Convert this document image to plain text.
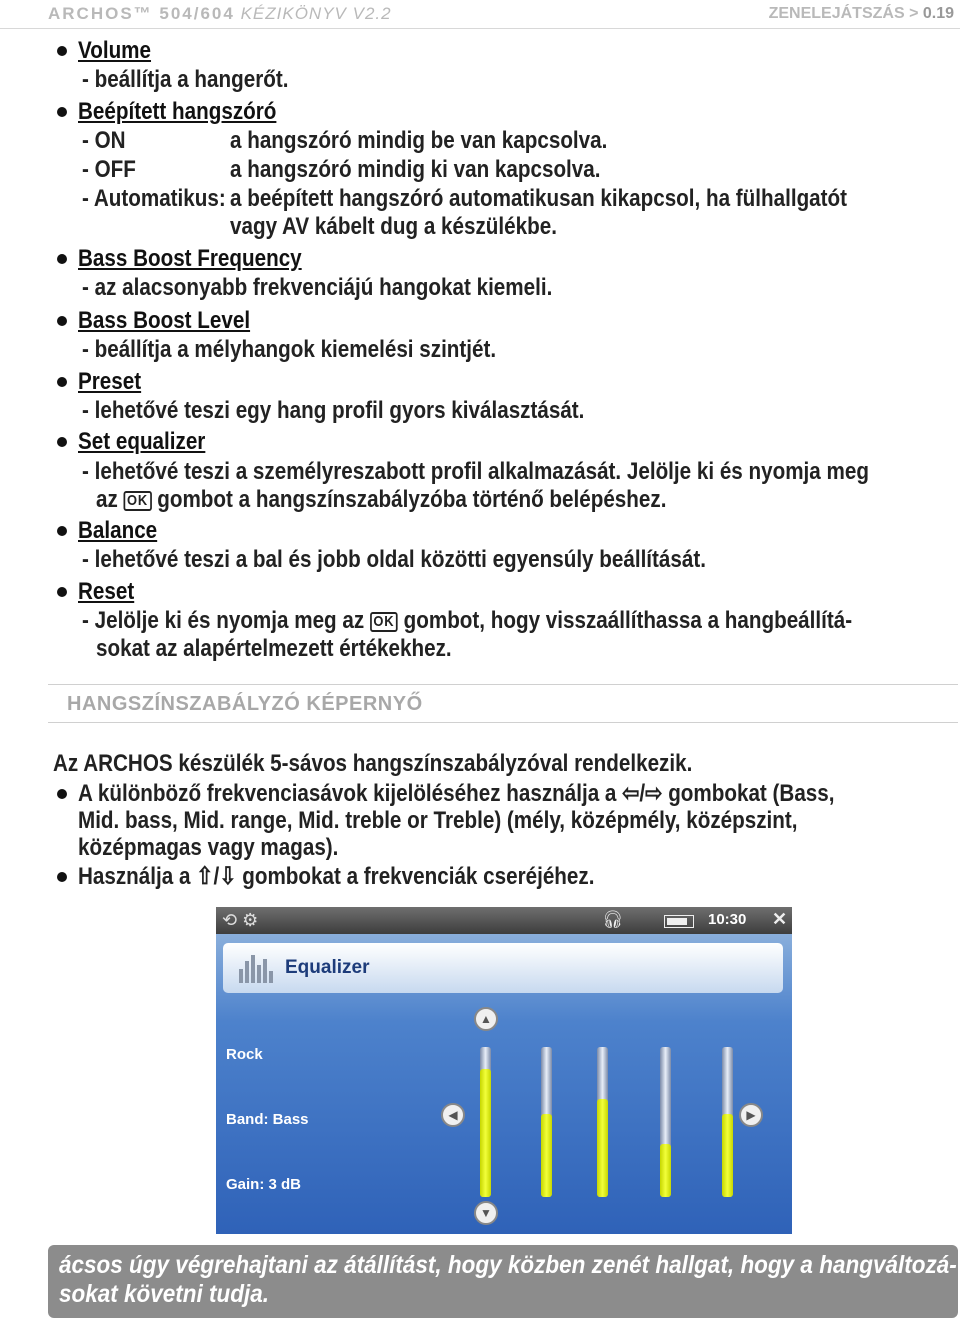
ARCHOS™ 504/604 KÉZIKÖNYV V2.2	ZENELEJÁTSZÁS > 0.19
Volume
- beállítja a hangerőt.
Beépített hangszóró
- ON	a hangszóró mindig be van kapcsolva.
- OFF	a hangszóró mindig ki van kapcsolva.
- Automatikus: a beépített hangszóró automatikusan kikapcsol, ha fülhallgatót
vagy AV kábelt dug a készülékbe.
Bass Boost Frequency
- az alacsonyabb frekvenciájú hangokat kiemeli.
Bass Boost Level
- beállítja a mélyhangok kiemelési szintjét.
Preset
- lehetővé teszi egy hang profil gyors kiválasztását.
Set equalizer
- lehetővé teszi a személyreszabott profil alkalmazását. Jelölje ki és nyomja meg
az OK gombot a hangszínszabályzóba történő belépéshez.
Balance
- lehetővé teszi a bal és jobb oldal közötti egyensúly beállítását.
Reset
- Jelölje ki és nyomja meg az OK gombot, hogy visszaállíthassa a hangbeállítá-
sokat az alapértelmezett értékekhez.
HANGSZÍNSZABÁLYZÓ KÉPERNYŐ
Az ARCHOS készülék 5-sávos hangszínszabályzóval rendelkezik.
A különböző frekvenciasávok kijelöléséhez használja a ⇦/⇨ gombokat (Bass,
Mid. bass, Mid. range, Mid. treble or Treble) (mély, középmély, középszint,
középmagas vagy magas).
Használja a ⇧/⇩ gombokat a frekvenciák cseréjéhez.
⟲ ⚙	🎧︎	10:30 ✕
Equalizer
Rock
Band: Bass
Gain: 3 dB
▲
▼
◀	▶
ácsos úgy végrehajtani az átállítást, hogy közben zenét hallgat, hogy a hangváltozá-
sokat követni tudja.
